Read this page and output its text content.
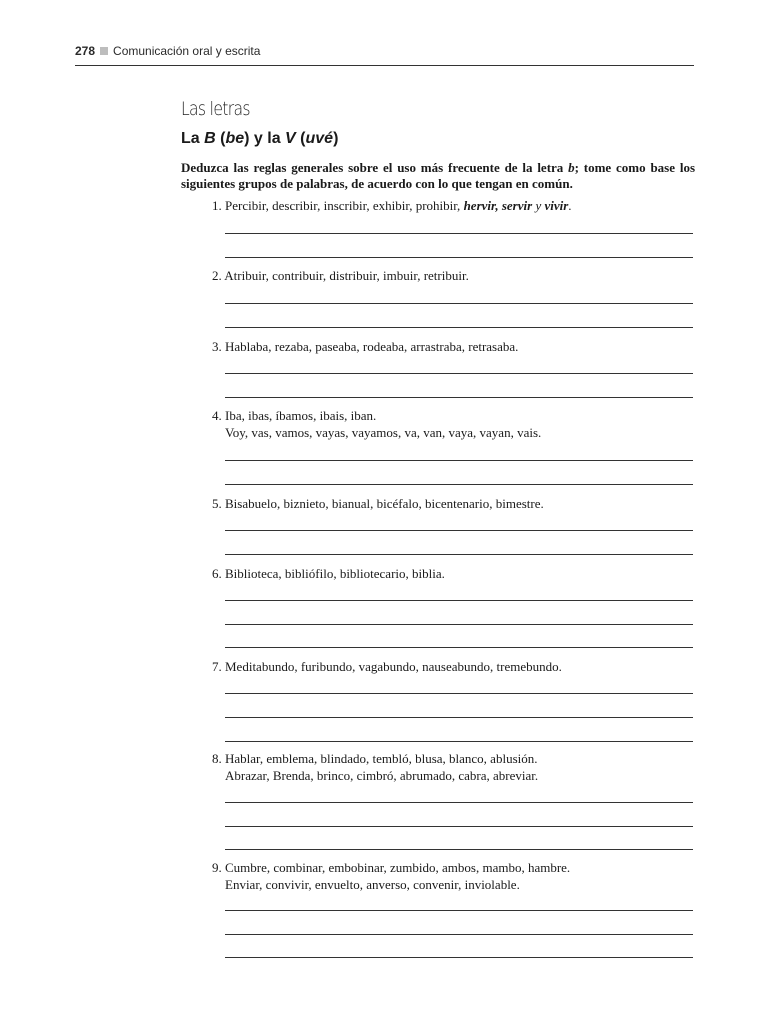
278 Comunicación oral y escrita
Las letras
La B (be) y la V (uvé)
Deduzca las reglas generales sobre el uso más frecuente de la letra b; tome como base los siguientes grupos de palabras, de acuerdo con lo que tengan en común.
1. Percibir, describir, inscribir, exhibir, prohibir, hervir, servir y vivir.
2. Atribuir, contribuir, distribuir, imbuir, retribuir.
3. Hablaba, rezaba, paseaba, rodeaba, arrastraba, retrasaba.
4. Iba, ibas, íbamos, ibais, iban.
Voy, vas, vamos, vayas, vayamos, va, van, vaya, vayan, vais.
5. Bisabuelo, biznieto, bianual, bicéfalo, bicentenario, bimestre.
6. Biblioteca, bibliófilo, bibliotecario, biblia.
7. Meditabundo, furibundo, vagabundo, nauseabundo, tremebundo.
8. Hablar, emblema, blindado, tembló, blusa, blanco, ablusión.
Abrazar, Brenda, brinco, cimbró, abrumado, cabra, abreviar.
9. Cumbre, combinar, embobinar, zumbido, ambos, mambo, hambre.
Enviar, convivir, envuelto, anverso, convenir, inviolable.
